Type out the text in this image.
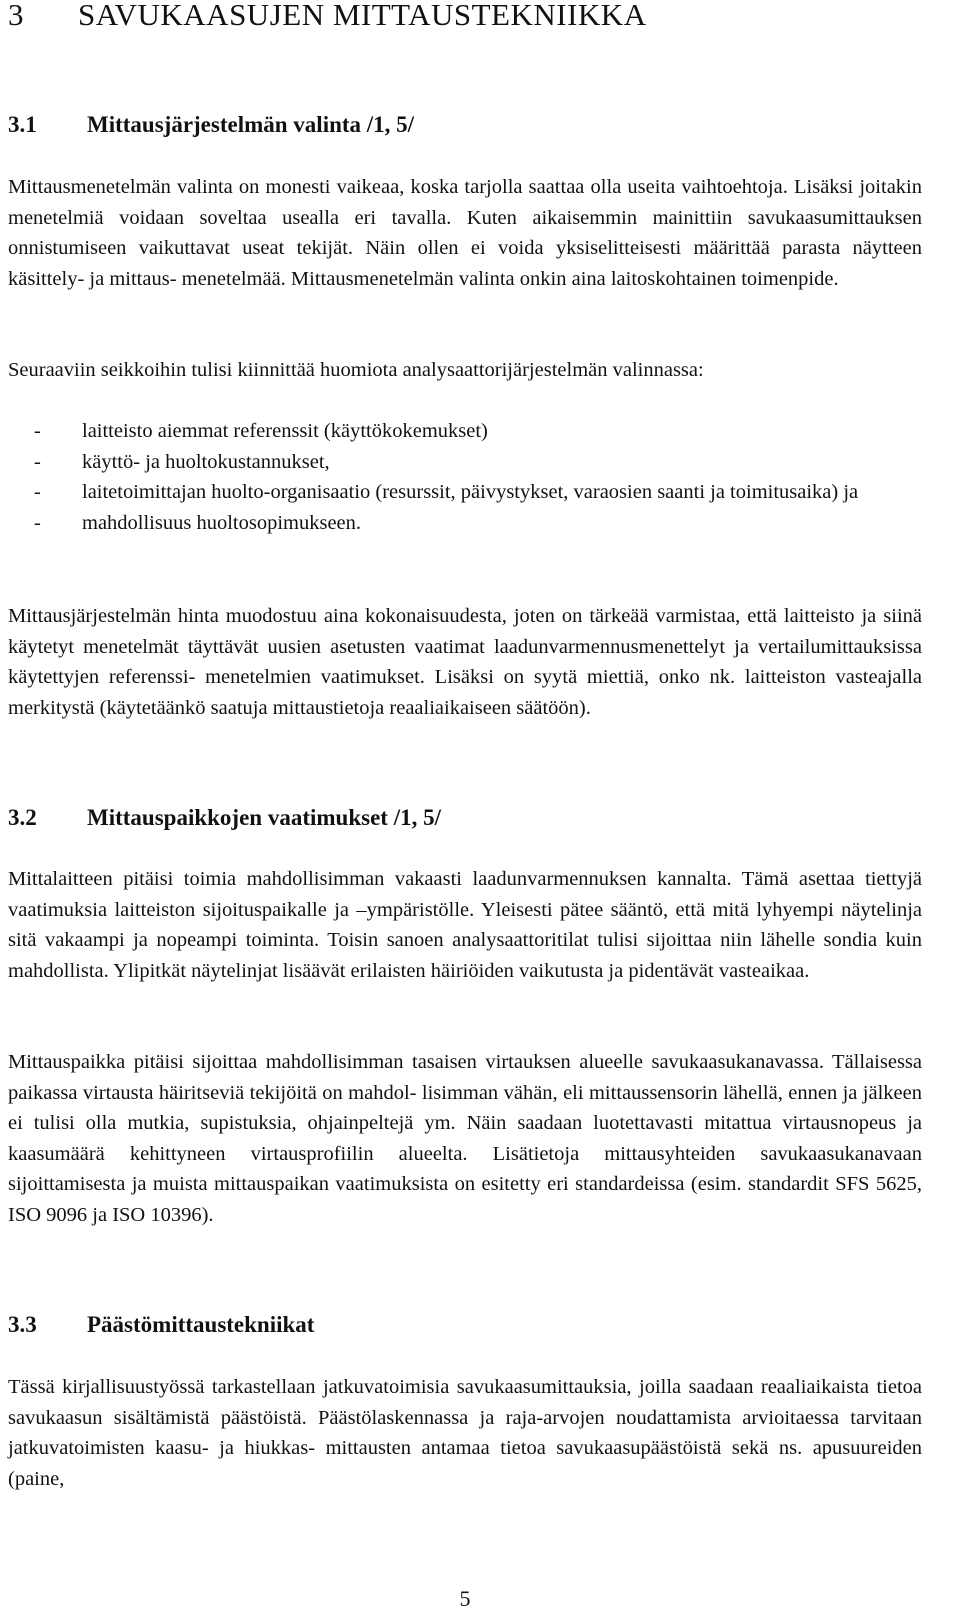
3 SAVUKAASUJEN MITTAUSTEKNIIKKA
3.1 Mittausjärjestelmän valinta /1, 5/

Mittausmenetelmän valinta on monesti vaikeaa, koska tarjolla saattaa olla useita vaihtoehtoja. Lisäksi joitakin menetelmiä voidaan soveltaa usealla eri tavalla. Kuten aikaisemmin mainittiin savukaasumittauksen onnistumiseen vaikuttavat useat tekijät. Näin ollen ei voida yksiselitteisesti määrittää parasta näytteen käsittely- ja mittaus- menetelmää. Mittausmenetelmän valinta onkin aina laitoskohtainen toimenpide.

Seuraaviin seikkoihin tulisi kiinnittää huomiota analysaattorijärjestelmän valinnassa:

- laitteisto aiemmat referenssit (käyttökokemukset)
- käyttö- ja huoltokustannukset,
- laitetoimittajan huolto-organisaatio (resurssit, päivystykset, varaosien saanti ja toimitusaika) ja
- mahdollisuus huoltosopimukseen.

Mittausjärjestelmän hinta muodostuu aina kokonaisuudesta, joten on tärkeää varmistaa, että laitteisto ja siinä käytetyt menetelmät täyttävät uusien asetusten vaatimat laadunvarmennusmenettelyt ja vertailumittauksissa käytettyjen referenssi- menetelmien vaatimukset. Lisäksi on syytä miettiä, onko nk. laitteiston vasteajalla merkitystä (käytetäänkö saatuja mittaustietoja reaaliaikaiseen säätöön).

3.2 Mittauspaikkojen vaatimukset /1, 5/

Mittalaitteen pitäisi toimia mahdollisimman vakaasti laadunvarmennuksen kannalta. Tämä asettaa tiettyjä vaatimuksia laitteiston sijoituspaikalle ja –ympäristölle. Yleisesti pätee sääntö, että mitä lyhyempi näytelinja sitä vakaampi ja nopeampi toiminta. Toisin sanoen analysaattoritilat tulisi sijoittaa niin lähelle sondia kuin mahdollista. Ylipitkät näytelinjat lisäävät erilaisten häiriöiden vaikutusta ja pidentävät vasteaikaa.

Mittauspaikka pitäisi sijoittaa mahdollisimman tasaisen virtauksen alueelle savukaasukanavassa. Tällaisessa paikassa virtausta häiritseviä tekijöitä on mahdol- lisimman vähän, eli mittaussensorin lähellä, ennen ja jälkeen ei tulisi olla mutkia, supistuksia, ohjainpeltejä ym. Näin saadaan luotettavasti mitattua virtausnopeus ja kaasumäärä kehittyneen virtausprofiilin alueelta. Lisätietoja mittausyhteiden savukaasukanavaan sijoittamisesta ja muista mittauspaikan vaatimuksista on esitetty eri standardeissa (esim. standardit SFS 5625, ISO 9096 ja ISO 10396).

3.3 Päästömittaustekniikat

Tässä kirjallisuustyössä tarkastellaan jatkuvatoimisia savukaasumittauksia, joilla saadaan reaaliaikaista tietoa savukaasun sisältämistä päästöistä. Päästölaskennassa ja raja-arvojen noudattamista arvioitaessa tarvitaan jatkuvatoimisten kaasu- ja hiukkas- mittausten antamaa tietoa savukaasupäästöistä sekä ns. apusuureiden (paine,

5
